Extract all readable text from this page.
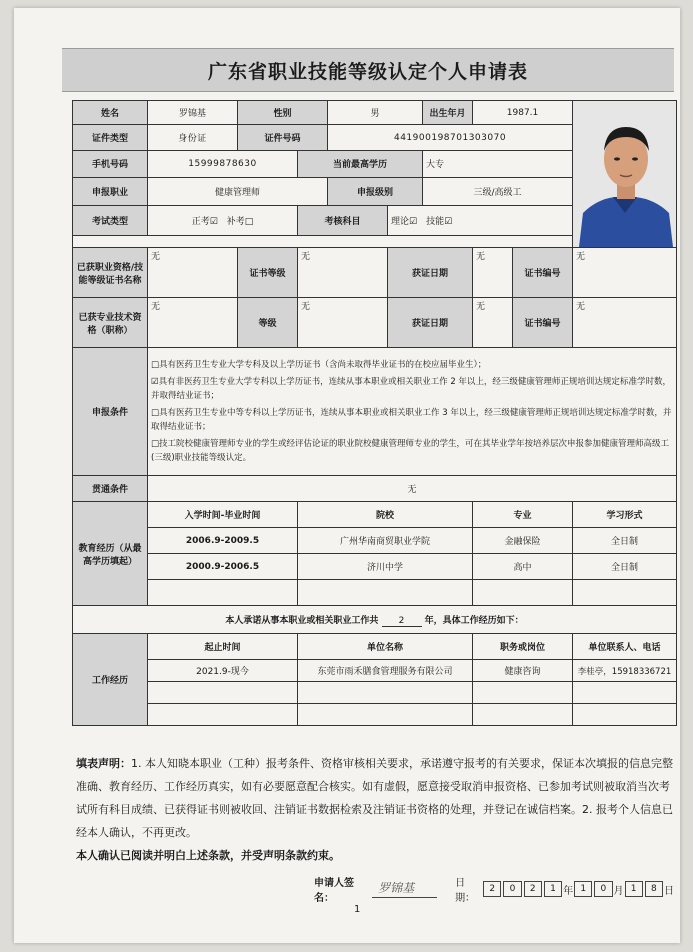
广东省职业技能等级认定个人申请表
姓名	罗锦基	性别		男		出生年月	1987.1	

证件类型	身份证	证件号码		441900198701303070					
手机号码	15999878630		当前最高学历			大专			
申报职业	健康管理师			申报级别		三级/高级工			
考试类型	正考☑　补考□		考核科目		理论☑　技能☑				

已获职业资格/技能等级证书名称	无	证书等级	无		获证日期		无	证书编号	无
已获专业技术资格（职称）	无	等级	无		获证日期		无	证书编号	无
申报条件	□具有医药卫生专业大学专科及以上学历证书（含尚未取得毕业证书的在校应届毕业生）；

☑具有非医药卫生专业大学专科以上学历证书，连续从事本职业或相关职业工作 2 年以上，经三级健康管理师正规培训达规定标准学时数，并取得结业证书；

□具有医药卫生专业中等专科以上学历证书，连续从事本职业或相关职业工作 3 年以上，经三级健康管理师正规培训达规定标准学时数，并取得结业证书；

□技工院校健康管理师专业的学生或经评估论证的职业院校健康管理师专业的学生，可在其毕业学年按培养层次申报参加健康管理师高级工(三级)职业技能等级认定。								

贯通条件	无								
教育经历（从最高学历填起）	入学时间-毕业时间		院校				专业		学习形式
	2006.9-2009.5		广州华南商贸职业学院				金融保险		全日制
	2000.9-2006.5		济川中学				高中		全日制

本人承诺从事本职业或相关职业工作共 2 年，具体工作经历如下：									
工作经历	起止时间		单位名称				职务或岗位		单位联系人、电话
	2021.9-现今		东莞市雨禾膳食管理服务有限公司				健康咨询		李桂亭，15918336721

填表声明：1. 本人知晓本职业（工种）报考条件、资格审核相关要求，承诺遵守报考的有关要求，保证本次填报的信息完整准确、教育经历、工作经历真实，如有必要愿意配合核实。如有虚假，愿意接受取消申报资格、已参加考试则被取消当次考试所有科目成绩、已获得证书则被收回、注销证书数据检索及注销证书资格的处理，并登记在诚信档案。2. 报考个人信息已经本人确认，不再更改。
本人确认已阅读并明白上述条款，并受声明条款约束。
申请人签名：
罗锦基	日期：
2	0	2	1 年 1	0 月 1	8 日
1
